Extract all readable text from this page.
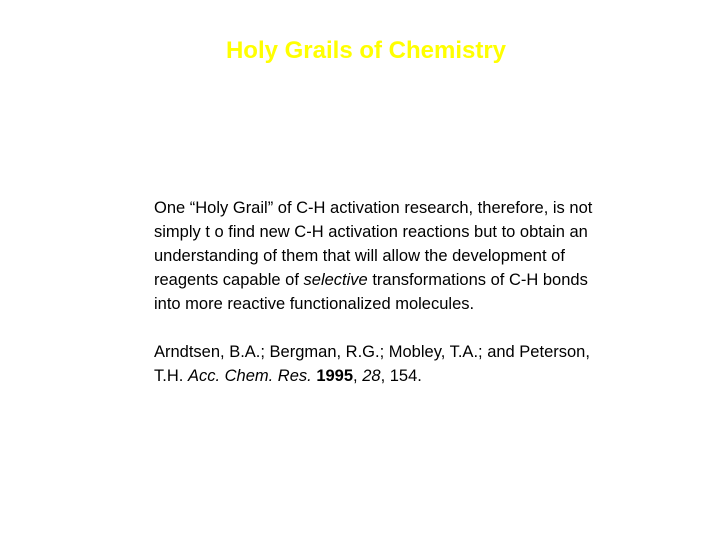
Holy Grails of Chemistry

One “Holy Grail” of C-H activation research, therefore, is not simply t o find new C-H activation reactions but to obtain an understanding of them that will allow the development of reagents capable of selective transformations of C-H bonds into more reactive functionalized molecules.

Arndtsen, B.A.; Bergman, R.G.; Mobley, T.A.; and Peterson, T.H. Acc. Chem. Res. 1995, 28, 154.
